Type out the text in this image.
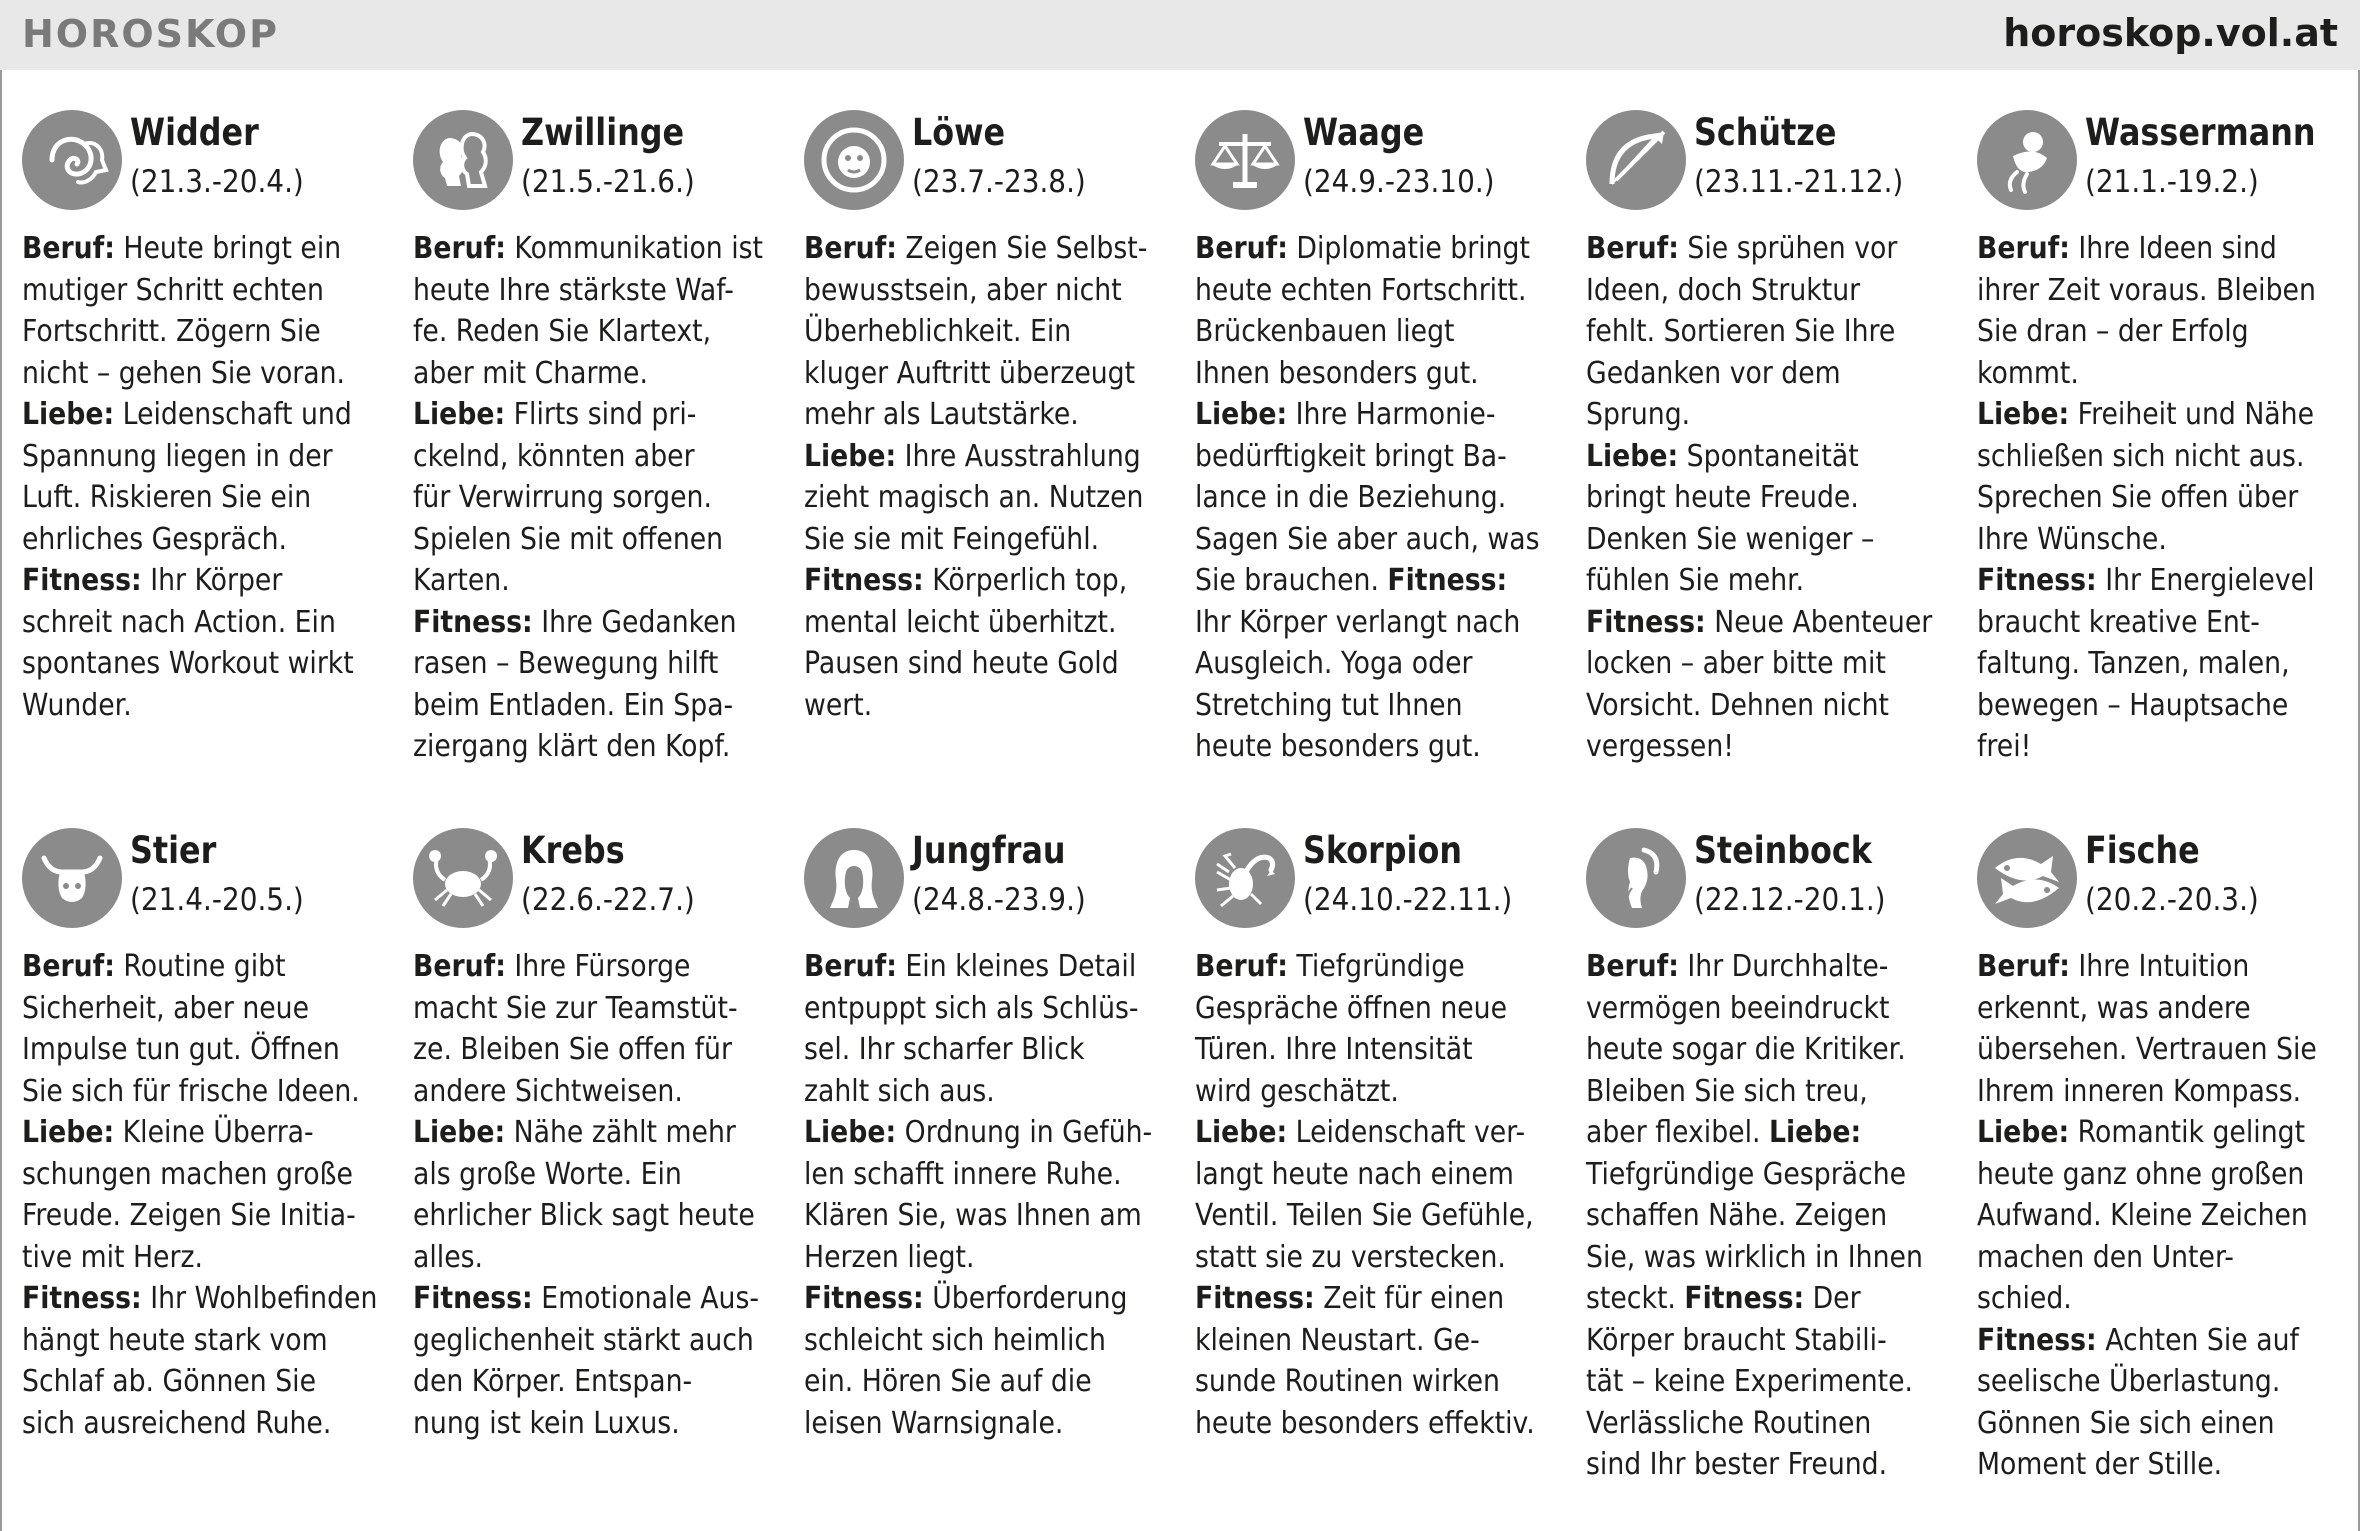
HOROSKOP	horoskop.vol.at
Widder
(21.3.-20.4.)
Beruf: Heute bringt ein
mutiger Schritt echten
Fortschritt. Zögern Sie
nicht – gehen Sie voran.
Liebe: Leidenschaft und
Spannung liegen in der
Luft. Riskieren Sie ein
ehrliches Gespräch.
Fitness: Ihr Körper
schreit nach Action. Ein
spontanes Workout wirkt
Wunder.
Zwillinge
(21.5.-21.6.)
Beruf: Kommunikation ist
heute Ihre stärkste Waf-
fe. Reden Sie Klartext,
aber mit Charme.
Liebe: Flirts sind pri-
ckelnd, könnten aber
für Verwirrung sorgen.
Spielen Sie mit offenen
Karten.
Fitness: Ihre Gedanken
rasen – Bewegung hilft
beim Entladen. Ein Spa-
ziergang klärt den Kopf.
Löwe
(23.7.-23.8.)
Beruf: Zeigen Sie Selbst-
bewusstsein, aber nicht
Überheblichkeit. Ein
kluger Auftritt überzeugt
mehr als Lautstärke.
Liebe: Ihre Ausstrahlung
zieht magisch an. Nutzen
Sie sie mit Feingefühl.
Fitness: Körperlich top,
mental leicht überhitzt.
Pausen sind heute Gold
wert.
Waage
(24.9.-23.10.)
Beruf: Diplomatie bringt
heute echten Fortschritt.
Brückenbauen liegt
Ihnen besonders gut.
Liebe: Ihre Harmonie-
bedürftigkeit bringt Ba-
lance in die Beziehung.
Sagen Sie aber auch, was
Sie brauchen. Fitness:
Ihr Körper verlangt nach
Ausgleich. Yoga oder
Stretching tut Ihnen
heute besonders gut.
Schütze
(23.11.-21.12.)
Beruf: Sie sprühen vor
Ideen, doch Struktur
fehlt. Sortieren Sie Ihre
Gedanken vor dem
Sprung.
Liebe: Spontaneität
bringt heute Freude.
Denken Sie weniger –
fühlen Sie mehr.
Fitness: Neue Abenteuer
locken – aber bitte mit
Vorsicht. Dehnen nicht
vergessen!
Wassermann
(21.1.-19.2.)
Beruf: Ihre Ideen sind
ihrer Zeit voraus. Bleiben
Sie dran – der Erfolg
kommt.
Liebe: Freiheit und Nähe
schließen sich nicht aus.
Sprechen Sie offen über
Ihre Wünsche.
Fitness: Ihr Energielevel
braucht kreative Ent-
faltung. Tanzen, malen,
bewegen – Hauptsache
frei!
Stier
(21.4.-20.5.)
Beruf: Routine gibt
Sicherheit, aber neue
Impulse tun gut. Öffnen
Sie sich für frische Ideen.
Liebe: Kleine Überra-
schungen machen große
Freude. Zeigen Sie Initia-
tive mit Herz.
Fitness: Ihr Wohlbefinden
hängt heute stark vom
Schlaf ab. Gönnen Sie
sich ausreichend Ruhe.
Krebs
(22.6.-22.7.)
Beruf: Ihre Fürsorge
macht Sie zur Teamstüt-
ze. Bleiben Sie offen für
andere Sichtweisen.
Liebe: Nähe zählt mehr
als große Worte. Ein
ehrlicher Blick sagt heute
alles.
Fitness: Emotionale Aus-
geglichenheit stärkt auch
den Körper. Entspan-
nung ist kein Luxus.
Jungfrau
(24.8.-23.9.)
Beruf: Ein kleines Detail
entpuppt sich als Schlüs-
sel. Ihr scharfer Blick
zahlt sich aus.
Liebe: Ordnung in Gefüh-
len schafft innere Ruhe.
Klären Sie, was Ihnen am
Herzen liegt.
Fitness: Überforderung
schleicht sich heimlich
ein. Hören Sie auf die
leisen Warnsignale.
Skorpion
(24.10.-22.11.)
Beruf: Tiefgründige
Gespräche öffnen neue
Türen. Ihre Intensität
wird geschätzt.
Liebe: Leidenschaft ver-
langt heute nach einem
Ventil. Teilen Sie Gefühle,
statt sie zu verstecken.
Fitness: Zeit für einen
kleinen Neustart. Ge-
sunde Routinen wirken
heute besonders effektiv.
Steinbock
(22.12.-20.1.)
Beruf: Ihr Durchhalte-
vermögen beeindruckt
heute sogar die Kritiker.
Bleiben Sie sich treu,
aber flexibel. Liebe:
Tiefgründige Gespräche
schaffen Nähe. Zeigen
Sie, was wirklich in Ihnen
steckt. Fitness: Der
Körper braucht Stabili-
tät – keine Experimente.
Verlässliche Routinen
sind Ihr bester Freund.
Fische
(20.2.-20.3.)
Beruf: Ihre Intuition
erkennt, was andere
übersehen. Vertrauen Sie
Ihrem inneren Kompass.
Liebe: Romantik gelingt
heute ganz ohne großen
Aufwand. Kleine Zeichen
machen den Unter-
schied.
Fitness: Achten Sie auf
seelische Überlastung.
Gönnen Sie sich einen
Moment der Stille.
